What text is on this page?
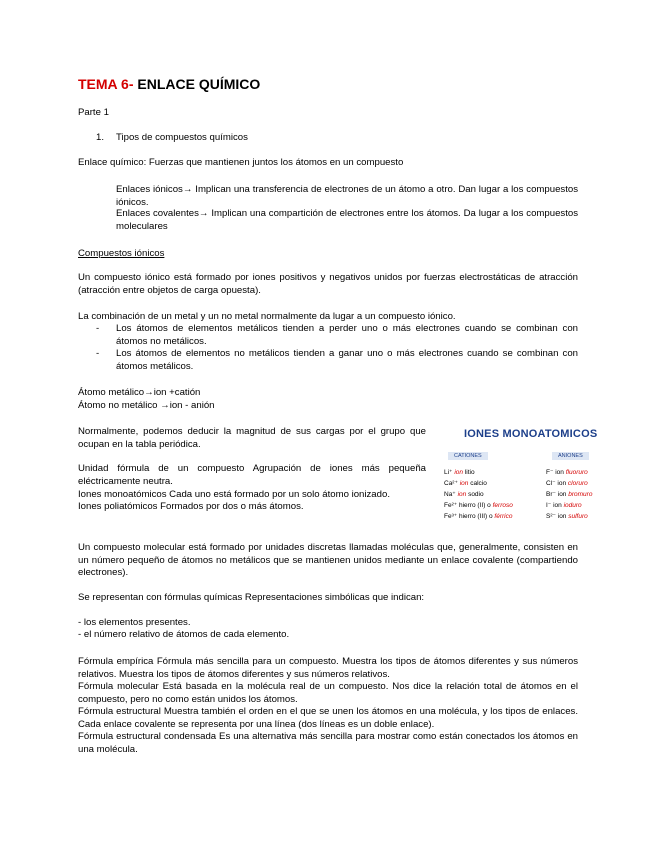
TEMA 6- ENLACE QUÍMICO

Parte 1

1. Tipos de compuestos químicos

Enlace químico: Fuerzas que mantienen juntos los átomos en un compuesto

Enlaces iónicos→ Implican una transferencia de electrones de un átomo a otro. Dan lugar a los compuestos iónicos.

Enlaces covalentes→ Implican una compartición de electrones entre los átomos. Da lugar a los compuestos moleculares

Compuestos iónicos

Un compuesto iónico está formado por iones positivos y negativos unidos por fuerzas electrostáticas de atracción (atracción entre objetos de carga opuesta).

La combinación de un metal y un no metal normalmente da lugar a un compuesto iónico.

- Los átomos de elementos metálicos tienden a perder uno o más electrones cuando se combinan con átomos no metálicos.

- Los átomos de elementos no metálicos tienden a ganar uno o más electrones cuando se combinan con átomos metálicos.

Átomo metálico→ion +catión

Átomo no metálico →ion - anión

Normalmente, podemos deducir la magnitud de sus cargas por el grupo que ocupan en la tabla periódica.

Unidad fórmula de un compuesto Agrupación de iones más pequeña eléctricamente neutra.

Iones monoatómicos Cada uno está formado por un solo átomo ionizado.

Iones poliatómicos Formados por dos o más átomos.

IONES MONOATOMICOS
CATIONES	ANIONES
Li⁺ ion litio
Ca²⁺ ion calcio
Na⁺ ion sodio
Fe²⁺ hierro (II) o ferroso
Fe³⁺ hierro (III) o férrico
F⁻ ion fluoruro
Cl⁻ ion cloruro
Br⁻ ion bromuro
I⁻ ion ioduro
S²⁻ ion sulfuro

Un compuesto molecular está formado por unidades discretas llamadas moléculas que, generalmente, consisten en un número pequeño de átomos no metálicos que se mantienen unidos mediante un enlace covalente (compartiendo electrones).

Se representan con fórmulas químicas Representaciones simbólicas que indican:

- los elementos presentes.

- el número relativo de átomos de cada elemento.

Fórmula empírica Fórmula más sencilla para un compuesto. Muestra los tipos de átomos diferentes y sus números relativos. Muestra los tipos de átomos diferentes y sus números relativos.

Fórmula molecular Está basada en la molécula real de un compuesto. Nos dice la relación total de átomos en el compuesto, pero no como están unidos los átomos.

Fórmula estructural Muestra también el orden en el que se unen los átomos en una molécula, y los tipos de enlaces. Cada enlace covalente se representa por una línea (dos líneas es un doble enlace).

Fórmula estructural condensada Es una alternativa más sencilla para mostrar como están conectados los átomos en una molécula.
